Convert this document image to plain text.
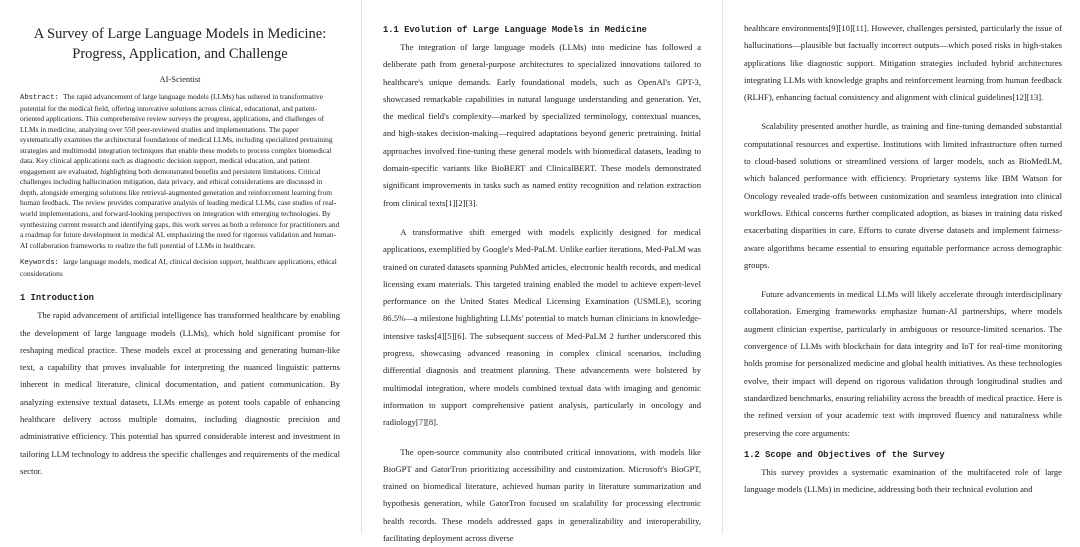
A Survey of Large Language Models in Medicine: Progress, Application, and Challenge
AI-Scientist

Abstract: The rapid advancement of large language models (LLMs) has ushered in transformative potential for the medical field, offering innovative solutions across clinical, educational, and patient-oriented applications. This comprehensive review surveys the progress, applications, and challenges of LLMs in medicine, analyzing over 550 peer-reviewed studies and implementations. The paper systematically examines the architectural foundations of medical LLMs, including specialized pretraining strategies and multimodal integration techniques that enable these models to process complex biomedical data. Key clinical applications such as diagnostic decision support, medical education, and patient engagement are evaluated, highlighting both demonstrated benefits and persistent limitations. Critical challenges including hallucination mitigation, data privacy, and ethical considerations are discussed in depth, alongside emerging solutions like retrieval-augmented generation and reinforcement learning from human feedback. The review provides comparative analysis of leading medical LLMs, case studies of real-world implementations, and forward-looking perspectives on integration with emerging technologies. By synthesizing current research and identifying gaps, this work serves as both a reference for practitioners and a roadmap for future development in medical AI, emphasizing the need for rigorous validation and human-AI collaboration frameworks to realize the full potential of LLMs in healthcare.

Keywords: large language models, medical AI, clinical decision support, healthcare applications, ethical considerations

1 Introduction

The rapid advancement of artificial intelligence has transformed healthcare by enabling the development of large language models (LLMs), which hold significant promise for reshaping medical practice. These models excel at processing and generating human-like text, a capability that proves invaluable for interpreting the nuanced linguistic patterns inherent in medical literature, clinical documentation, and patient communication. By analyzing extensive textual datasets, LLMs emerge as potent tools capable of enhancing healthcare delivery across multiple domains, including diagnostic precision and administrative efficiency. This potential has spurred considerable interest and investment in tailoring LLM technology to address the specific challenges and requirements of the medical sector.

1.1 Evolution of Large Language Models in Medicine

The integration of large language models (LLMs) into medicine has followed a deliberate path from general-purpose architectures to specialized innovations tailored to healthcare's unique demands. Early foundational models, such as OpenAI's GPT-3, showcased remarkable capabilities in natural language understanding and generation. Yet, the medical field's complexity—marked by specialized terminology, contextual nuances, and high-stakes decision-making—required adaptations beyond generic pretraining. Initial approaches involved fine-tuning these general models with biomedical datasets, leading to domain-specific variants like BioBERT and ClinicalBERT. These models demonstrated significant improvements in tasks such as named entity recognition and relation extraction from clinical texts[1][2][3].

A transformative shift emerged with models explicitly designed for medical applications, exemplified by Google's Med-PaLM. Unlike earlier iterations, Med-PaLM was trained on curated datasets spanning PubMed articles, electronic health records, and medical licensing exam materials. This targeted training enabled the model to achieve expert-level performance on the United States Medical Licensing Examination (USMLE), scoring 86.5%—a milestone highlighting LLMs' potential to match human clinicians in knowledge-intensive tasks[4][5][6]. The subsequent success of Med-PaLM 2 further underscored this progress, showcasing advanced reasoning in complex clinical scenarios, including differential diagnosis and treatment planning. These advancements were bolstered by multimodal integration, where models combined textual data with imaging and genomic information to support comprehensive patient analysis, particularly in oncology and radiology[7][8].

The open-source community also contributed critical innovations, with models like BioGPT and GatorTron prioritizing accessibility and customization. Microsoft's BioGPT, trained on biomedical literature, achieved human parity in literature summarization and hypothesis generation, while GatorTron focused on scalability for processing electronic health records. These models addressed gaps in generalizability and interoperability, facilitating deployment across diverse

healthcare environments[9][10][11]. However, challenges persisted, particularly the issue of hallucinations—plausible but factually incorrect outputs—which posed risks in high-stakes applications like diagnostic support. Mitigation strategies included hybrid architectures integrating LLMs with knowledge graphs and reinforcement learning from human feedback (RLHF), enhancing factual consistency and alignment with clinical guidelines[12][13].

Scalability presented another hurdle, as training and fine-tuning demanded substantial computational resources and expertise. Institutions with limited infrastructure often turned to cloud-based solutions or streamlined versions of larger models, such as BioMedLM, which balanced performance with efficiency. Proprietary systems like IBM Watson for Oncology revealed trade-offs between customization and seamless integration into clinical workflows. Ethical concerns further complicated adoption, as biases in training data risked exacerbating disparities in care. Efforts to curate diverse datasets and implement fairness-aware algorithms became essential to ensuring equitable performance across demographic groups.

Future advancements in medical LLMs will likely accelerate through interdisciplinary collaboration. Emerging frameworks emphasize human-AI partnerships, where models augment clinician expertise, particularly in ambiguous or resource-limited scenarios. The convergence of LLMs with blockchain for data integrity and IoT for real-time monitoring holds promise for personalized medicine and global health initiatives. As these technologies evolve, their impact will depend on rigorous validation through longitudinal studies and standardized benchmarks, ensuring reliability across the breadth of medical practice. Here is the refined version of your academic text with improved fluency and naturalness while preserving the core arguments:

1.2 Scope and Objectives of the Survey

This survey provides a systematic examination of the multifaceted role of large language models (LLMs) in medicine, addressing both their technical evolution and
